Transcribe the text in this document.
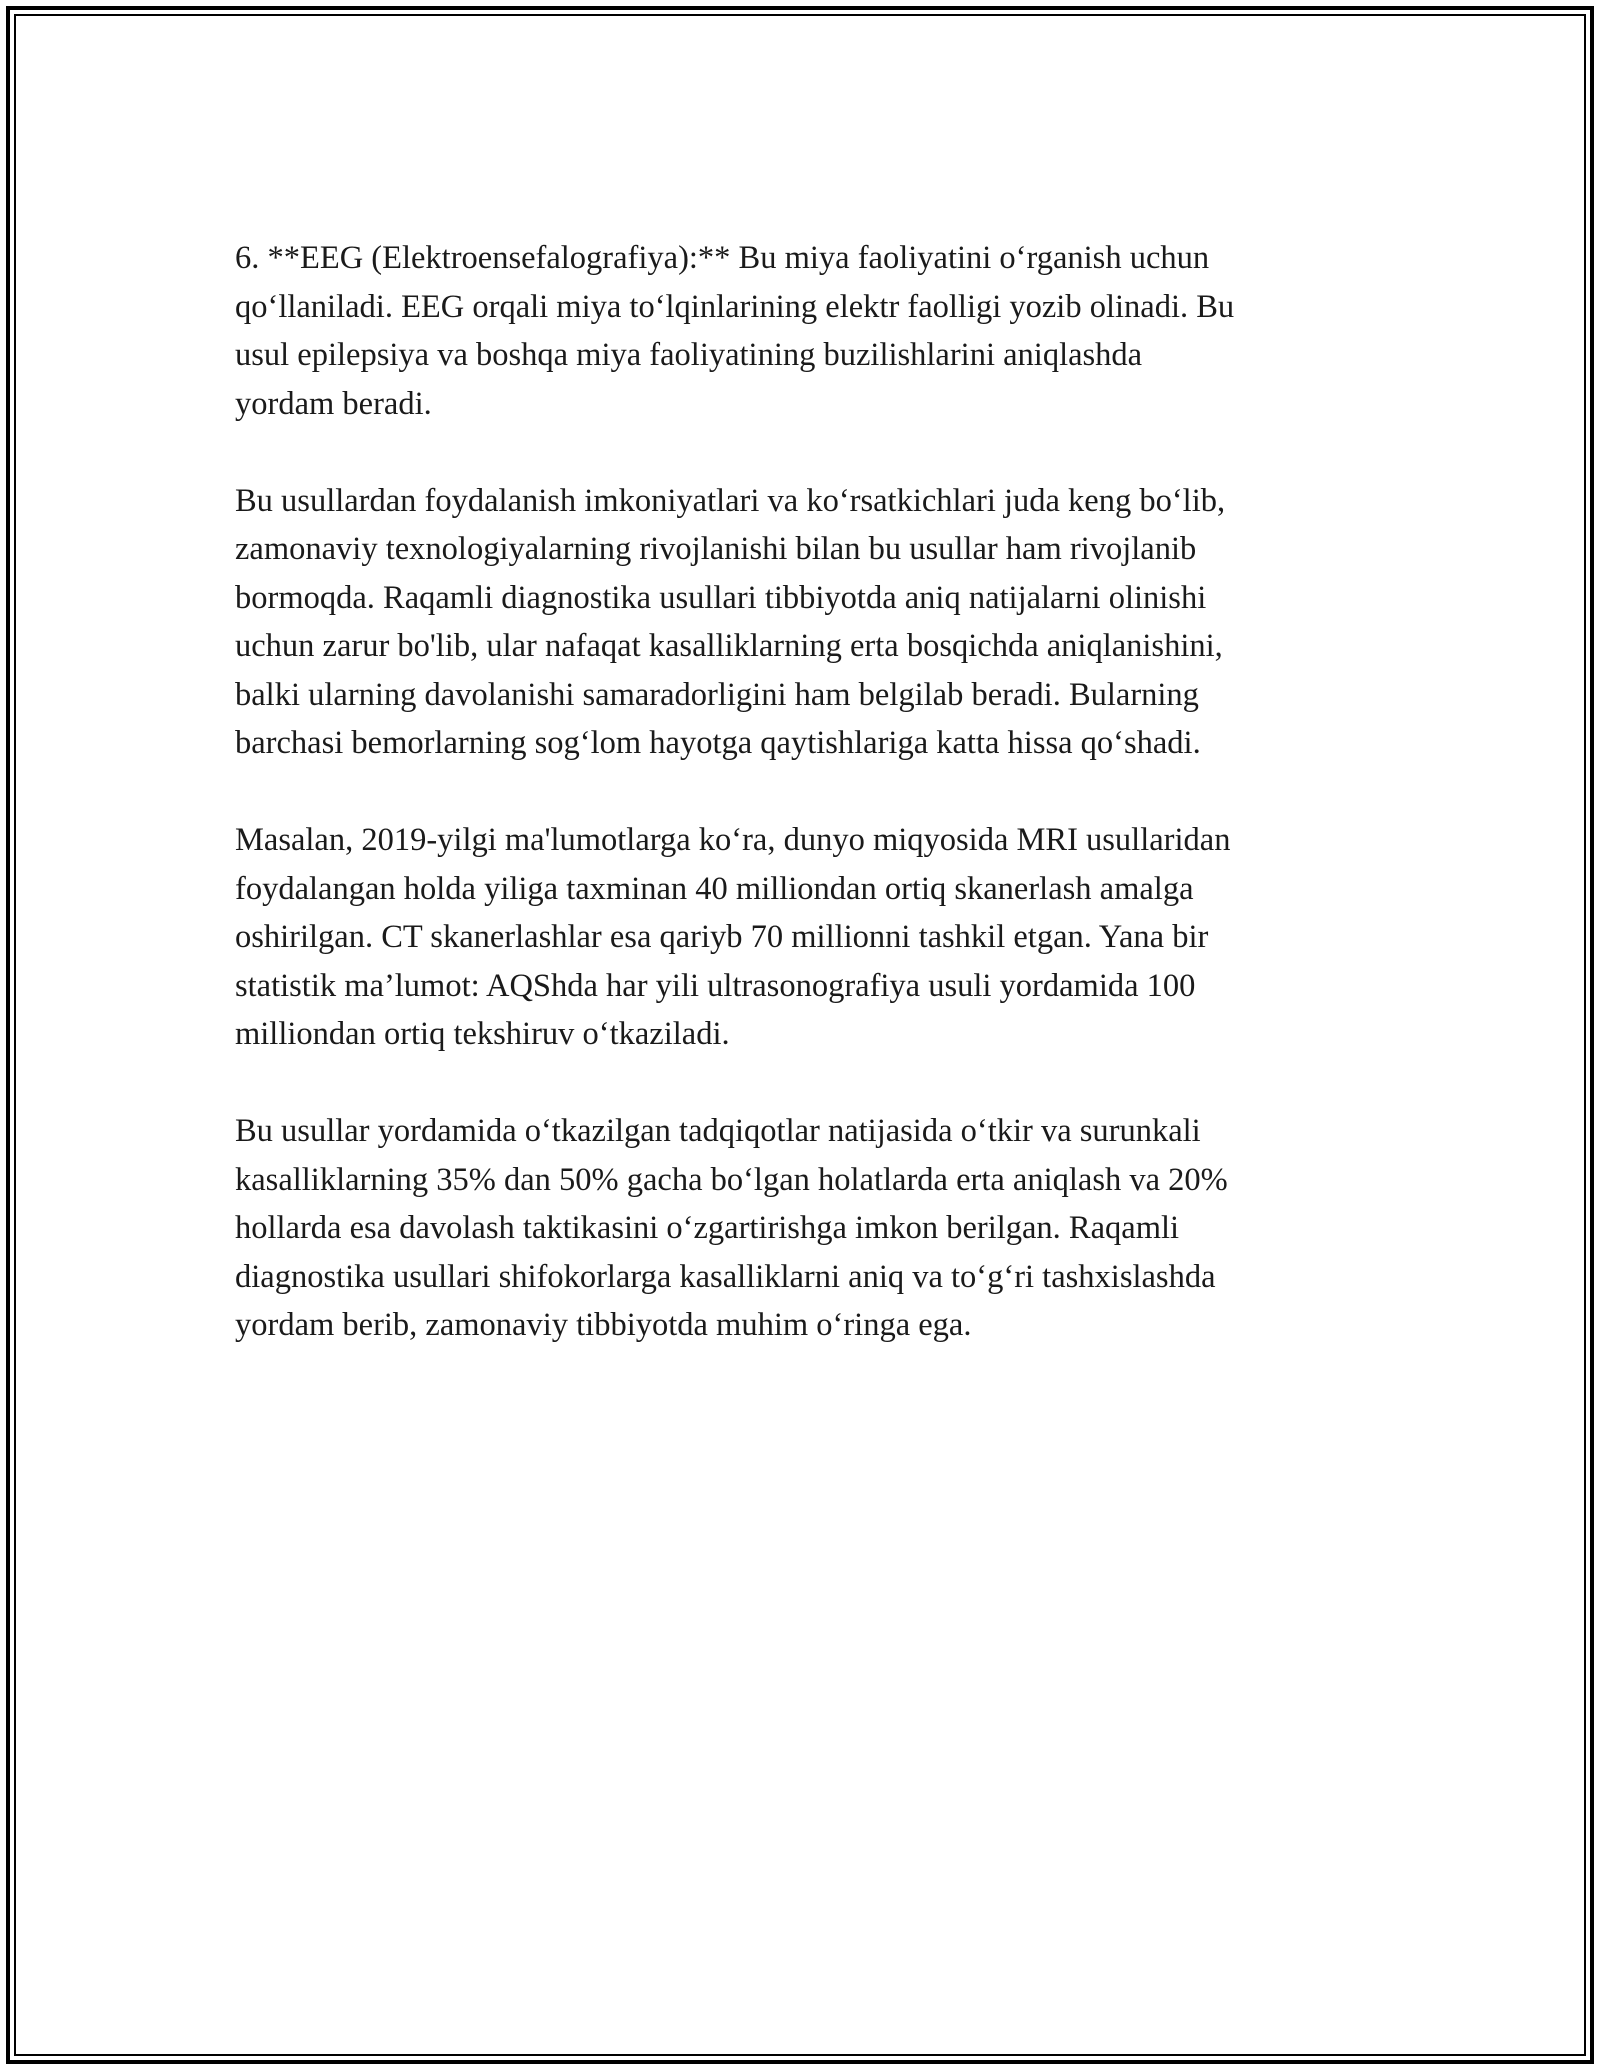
6. **EEG (Elektroensefalografiya):** Bu miya faoliyatini o‘rganish uchun
qo‘llaniladi. EEG orqali miya to‘lqinlarining elektr faolligi yozib olinadi. Bu
usul epilepsiya va boshqa miya faoliyatining buzilishlarini aniqlashda
yordam beradi.

Bu usullardan foydalanish imkoniyatlari va ko‘rsatkichlari juda keng bo‘lib,
zamonaviy texnologiyalarning rivojlanishi bilan bu usullar ham rivojlanib
bormoqda. Raqamli diagnostika usullari tibbiyotda aniq natijalarni olinishi
uchun zarur bo'lib, ular nafaqat kasalliklarning erta bosqichda aniqlanishini,
balki ularning davolanishi samaradorligini ham belgilab beradi. Bularning
barchasi bemorlarning sog‘lom hayotga qaytishlariga katta hissa qo‘shadi.

Masalan, 2019-yilgi ma'lumotlarga ko‘ra, dunyo miqyosida MRI usullaridan
foydalangan holda yiliga taxminan 40 milliondan ortiq skanerlash amalga
oshirilgan. CT skanerlashlar esa qariyb 70 millionni tashkil etgan. Yana bir
statistik ma’lumot: AQShda har yili ultrasonografiya usuli yordamida 100
milliondan ortiq tekshiruv o‘tkaziladi.

Bu usullar yordamida o‘tkazilgan tadqiqotlar natijasida o‘tkir va surunkali
kasalliklarning 35% dan 50% gacha bo‘lgan holatlarda erta aniqlash va 20%
hollarda esa davolash taktikasini o‘zgartirishga imkon berilgan. Raqamli
diagnostika usullari shifokorlarga kasalliklarni aniq va to‘g‘ri tashxislashda
yordam berib, zamonaviy tibbiyotda muhim o‘ringa ega.
